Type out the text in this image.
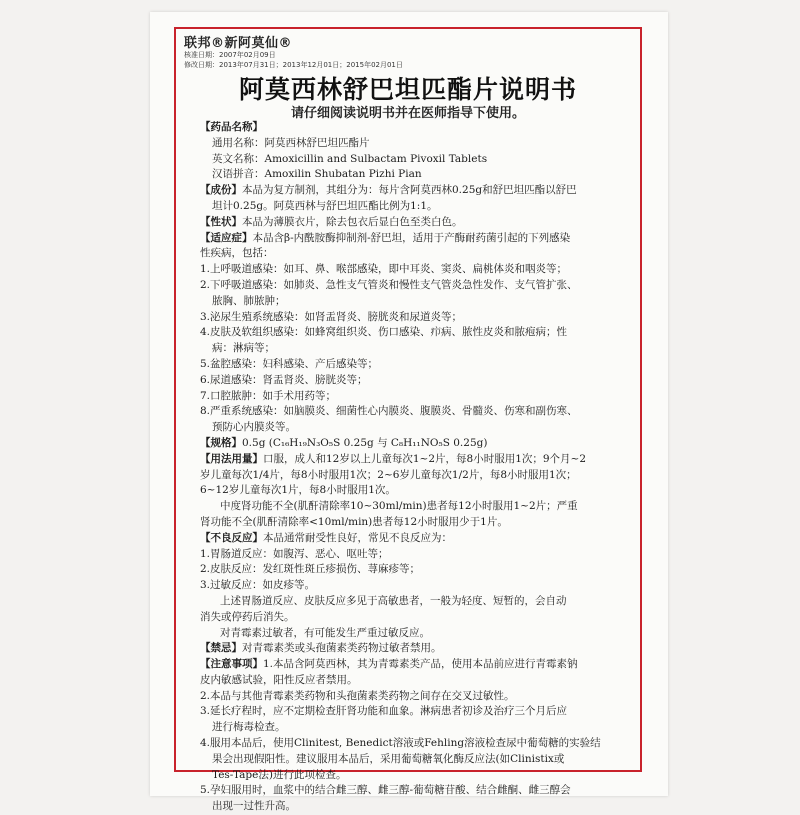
联邦®新阿莫仙®
核准日期：2007年02月09日
修改日期：2013年07月31日；2013年12月01日；2015年02月01日
阿莫西林舒巴坦匹酯片说明书
请仔细阅读说明书并在医师指导下使用。
【 药品名称 】
通用名称：阿莫西林舒巴坦匹酯片
英文名称：Amoxicillin and Sulbactam Pivoxil Tablets
汉语拼音：Amoxilin Shubatan Pizhi Pian
【 成份 】 本品为复方制剂，其组分为：每片含阿莫西林0.25g和舒巴坦匹酯以舒巴
坦计0.25g。阿莫西林与舒巴坦匹酯比例为1:1。
【 性状 】 本品为薄膜衣片，除去包衣后显白色至类白色。
【 适应症 】 本品含β-内酰胺酶抑制剂-舒巴坦，适用于产酶耐药菌引起的下列感染
性疾病，包括：
1.上呼吸道感染：如耳、鼻、喉部感染，即中耳炎、窦炎、扁桃体炎和咽炎等；
2.下呼吸道感染：如肺炎、急性支气管炎和慢性支气管炎急性发作、支气管扩张、
脓胸、肺脓肿；
3.泌尿生殖系统感染：如肾盂肾炎、膀胱炎和尿道炎等；
4.皮肤及软组织感染：如蜂窝组织炎、伤口感染、疖病、脓性皮炎和脓疱病；性
病：淋病等；
5.盆腔感染：妇科感染、产后感染等；
6.尿道感染：肾盂肾炎、膀胱炎等；
7.口腔脓肿：如手术用药等；
8.严重系统感染：如脑膜炎、细菌性心内膜炎、腹膜炎、骨髓炎、伤寒和副伤寒、
预防心内膜炎等。
【 规格 】 0.5g (C₁₆H₁₉N₃O₅S 0.25g 与 C₈H₁₁NO₅S 0.25g)
【 用法用量 】 口服，成人和12岁以上儿童每次1~2片，每8小时服用1次；9个月~2
岁儿童每次1/4片，每8小时服用1次；2~6岁儿童每次1/2片，每8小时服用1次；
6~12岁儿童每次1片，每8小时服用1次。
中度肾功能不全(肌酐清除率10~30ml/min)患者每12小时服用1~2片；严重
肾功能不全(肌酐清除率<10ml/min)患者每12小时服用少于1片。
【 不良反应 】 本品通常耐受性良好，常见不良反应为：
1.胃肠道反应：如腹泻、恶心、呕吐等；
2.皮肤反应：发红斑性斑丘疹损伤、荨麻疹等；
3.过敏反应：如皮疹等。
上述胃肠道反应、皮肤反应多见于高敏患者，一般为轻度、短暂的，会自动
消失或停药后消失。
对青霉素过敏者，有可能发生严重过敏反应。
【 禁忌 】 对青霉素类或头孢菌素类药物过敏者禁用。
【 注意事项 】 1.本品含阿莫西林，其为青霉素类产品，使用本品前应进行青霉素钠
皮内敏感试验，阳性反应者禁用。
2.本品与其他青霉素类药物和头孢菌素类药物之间存在交叉过敏性。
3.延长疗程时，应不定期检查肝肾功能和血象。淋病患者初诊及治疗三个月后应
进行梅毒检查。
4.服用本品后，使用Clinitest, Benedict溶液或Fehling溶液检查尿中葡萄糖的实验结
果会出现假阳性。建议服用本品后，采用葡萄糖氧化酶反应法(如Clinistix或
Tes-Tape法)进行此项检查。
5.孕妇服用时，血浆中的结合雌三醇、雌三醇-葡萄糖苷酸、结合雌酮、雌三醇会
出现一过性升高。
